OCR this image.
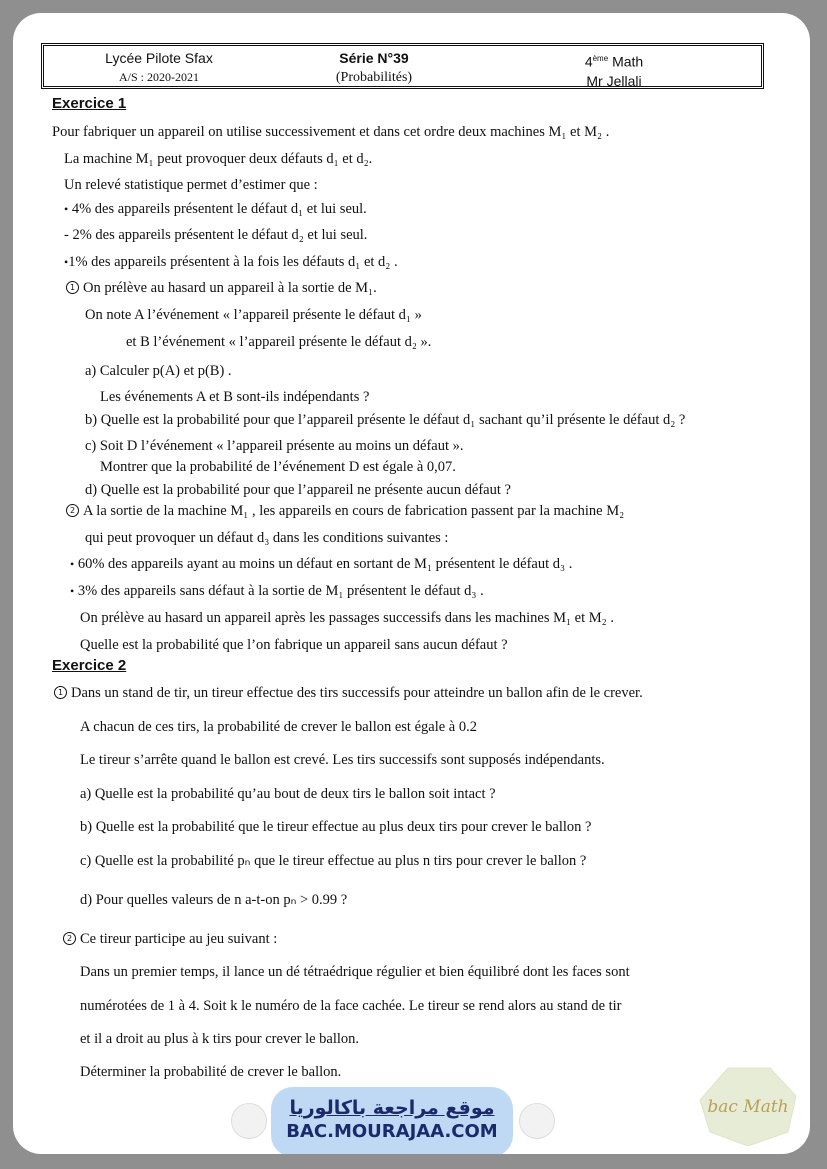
Lycée Pilote Sfax
A/S : 2020-2021
Série N°39
(Probabilités)
4ème Math
Mr Jellali
Exercice 1
Pour fabriquer un appareil on utilise successivement et dans cet ordre deux machines M₁ et M₂ .
La machine M₁ peut provoquer deux défauts d₁ et d₂.
Un relevé statistique permet d’estimer que :
• 4% des appareils présentent le défaut d₁ et lui seul.
- 2% des appareils présentent le défaut d₂ et lui seul.
•1% des appareils présentent à la fois les défauts d₁ et d₂ .
1 On prélève au hasard un appareil à la sortie de M₁.
On note A l’événement « l’appareil présente le défaut d₁ »
et B l’événement « l’appareil présente le défaut d₂ ».
a) Calculer p(A) et p(B) .
Les événements A et B sont-ils indépendants ?
b) Quelle est la probabilité pour que l’appareil présente le défaut d₁ sachant qu’il présente le défaut d₂ ?
c) Soit D l’événement « l’appareil présente au moins un défaut ».
Montrer que la probabilité de l’événement D est égale à 0,07.
d) Quelle est la probabilité pour que l’appareil ne présente aucun défaut ?
2 A la sortie de la machine M₁ , les appareils en cours de fabrication passent par la machine M₂
qui peut provoquer un défaut d₃ dans les conditions suivantes :
• 60% des appareils ayant au moins un défaut en sortant de M₁ présentent le défaut d₃ .
• 3% des appareils sans défaut à la sortie de M₁ présentent le défaut d₃ .
On prélève au hasard un appareil après les passages successifs dans les machines M₁ et M₂ .
Quelle est la probabilité que l’on fabrique un appareil sans aucun défaut ?
Exercice 2
1 Dans un stand de tir, un tireur effectue des tirs successifs pour atteindre un ballon afin de le crever.
A chacun de ces tirs, la probabilité de crever le ballon est égale à 0.2
Le tireur s’arrête quand le ballon est crevé. Les tirs successifs sont supposés indépendants.
a) Quelle est la probabilité qu’au bout de deux tirs le ballon soit intact ?
b) Quelle est la probabilité que le tireur effectue au plus deux tirs pour crever le ballon ?
c) Quelle est la probabilité pₙ que le tireur effectue au plus n tirs pour crever le ballon ?
d) Pour quelles valeurs de n a-t-on pₙ > 0.99 ?
2 Ce tireur participe au jeu suivant :
Dans un premier temps, il lance un dé tétraédrique régulier et bien équilibré dont les faces sont
numérotées de 1 à 4. Soit k le numéro de la face cachée. Le tireur se rend alors au stand de tir
et il a droit au plus à k tirs pour crever le ballon.
Déterminer la probabilité de crever le ballon.
موقع مراجعة باكالوريا
BAC.MOURAJAA.COM
bac Math
